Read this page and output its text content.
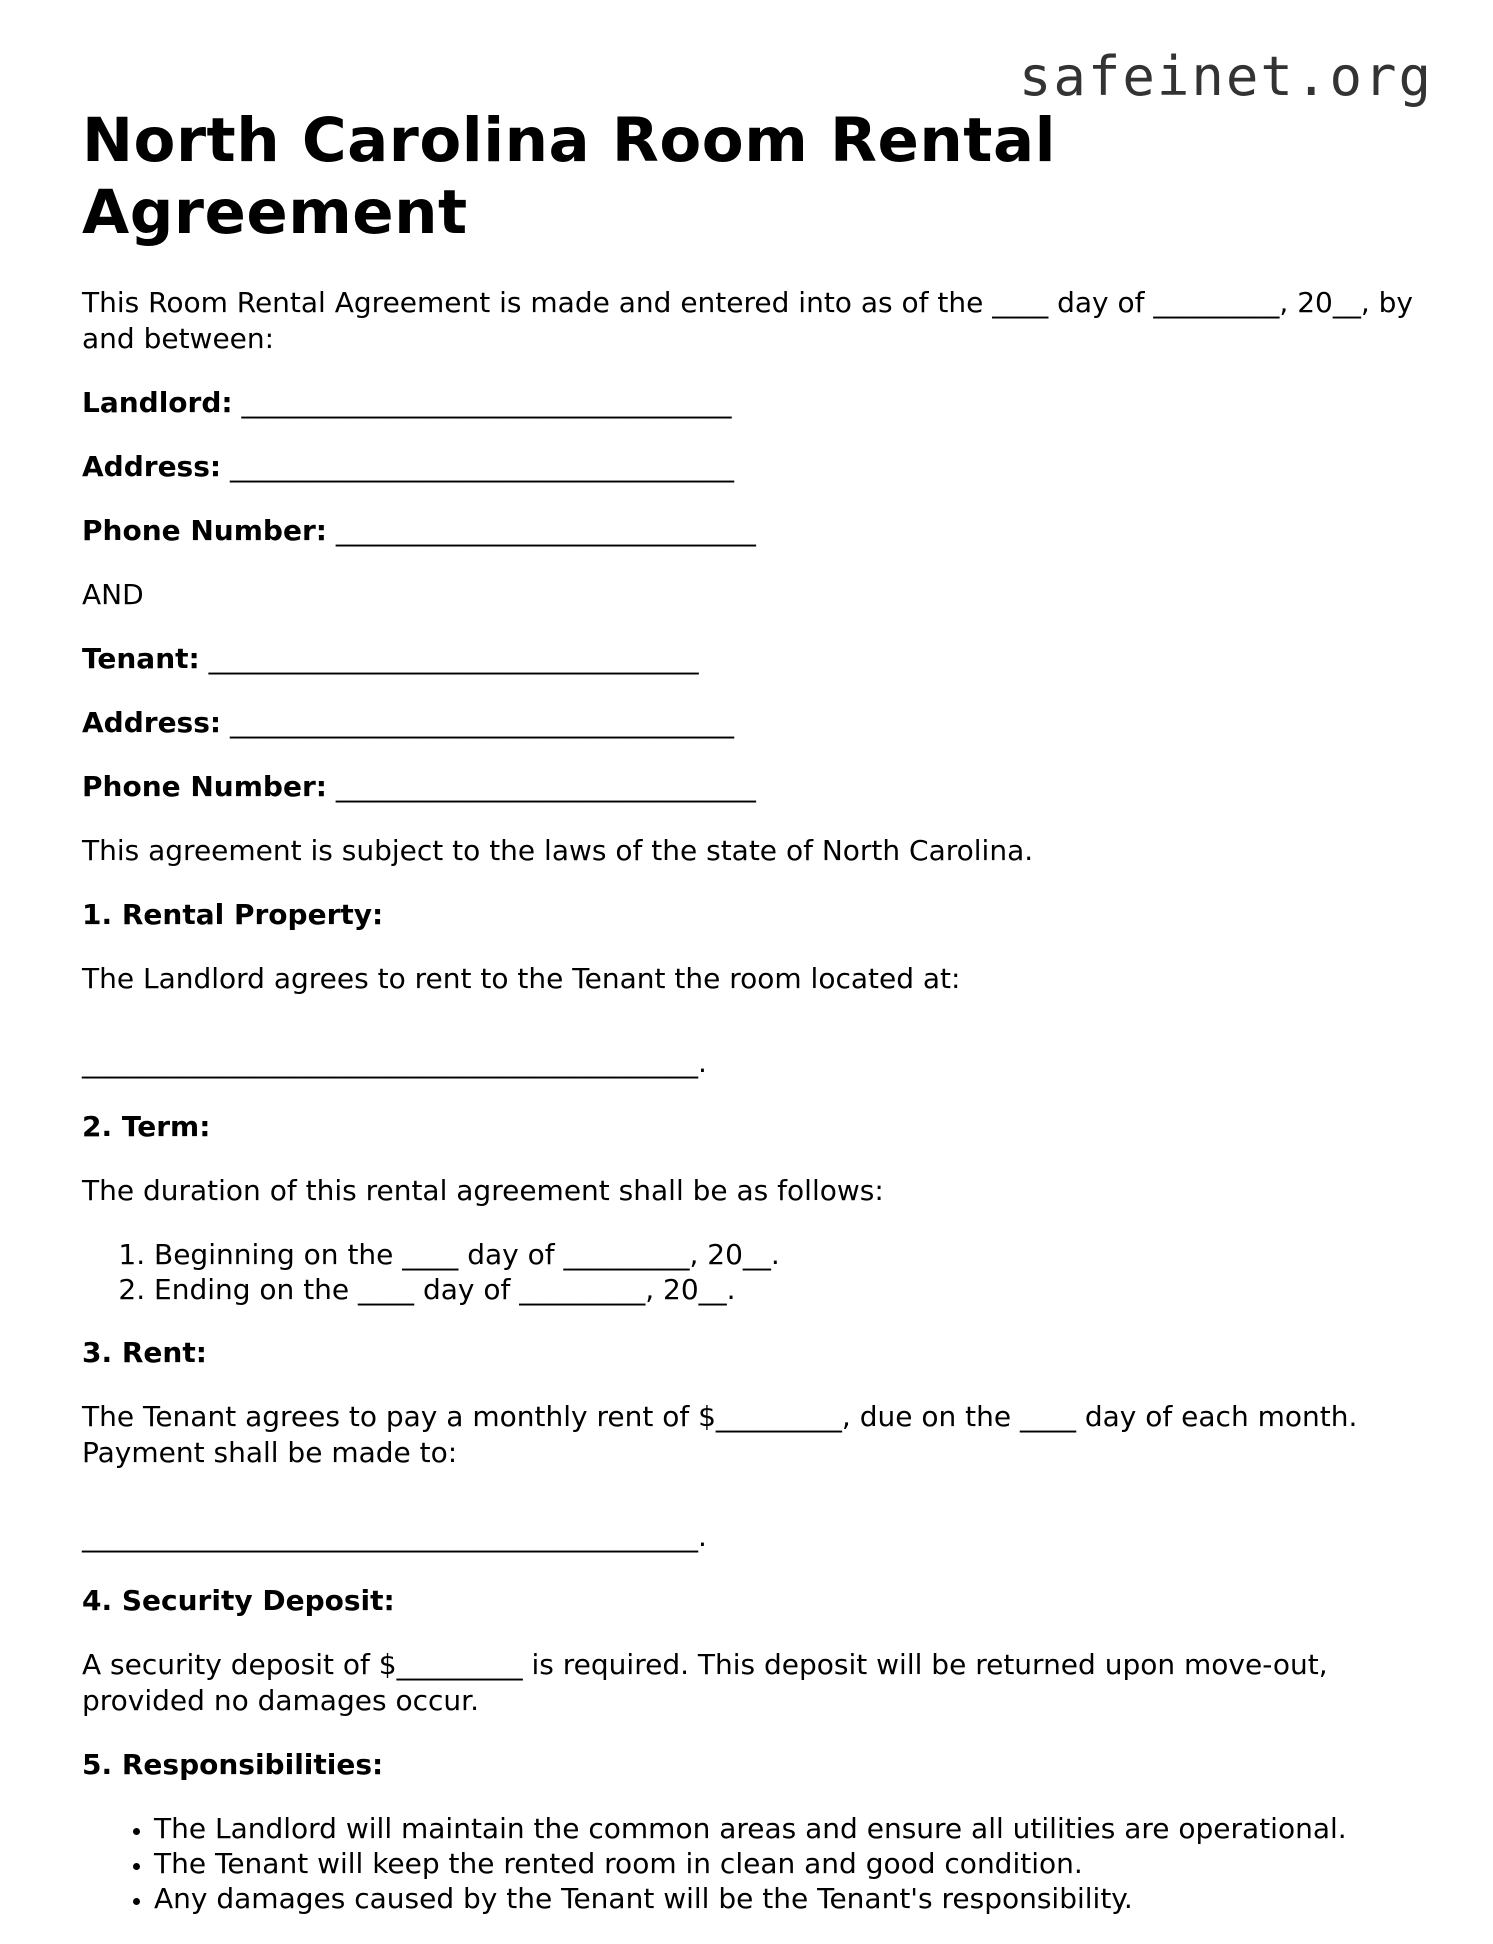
safeinet.org
North Carolina Room Rental Agreement

This Room Rental Agreement is made and entered into as of the ____ day of _________, 20__, by and between:

Landlord: ___________________________________

Address: ____________________________________

Phone Number: ______________________________

AND

Tenant: ___________________________________

Address: ____________________________________

Phone Number: ______________________________

This agreement is subject to the laws of the state of North Carolina.

1. Rental Property:

The Landlord agrees to rent to the Tenant the room located at:

____________________________________________.

2. Term:

The duration of this rental agreement shall be as follows:

1. Beginning on the ____ day of _________, 20__.
2. Ending on the ____ day of _________, 20__.

3. Rent:

The Tenant agrees to pay a monthly rent of $_________, due on the ____ day of each month. Payment shall be made to:

____________________________________________.

4. Security Deposit:

A security deposit of $_________ is required. This deposit will be returned upon move-out, provided no damages occur.

5. Responsibilities:

• The Landlord will maintain the common areas and ensure all utilities are operational.
• The Tenant will keep the rented room in clean and good condition.
• Any damages caused by the Tenant will be the Tenant's responsibility.
